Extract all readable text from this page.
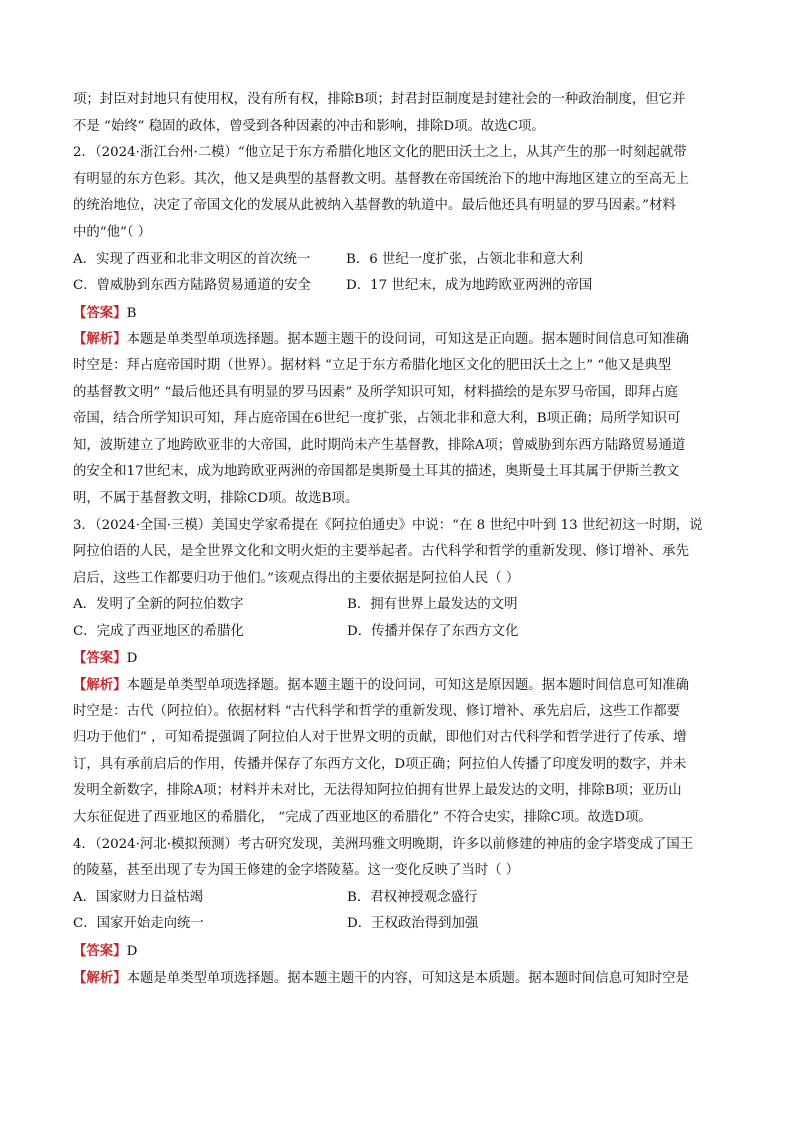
项；封臣对封地只有使用权，没有所有权，排除B项；封君封臣制度是封建社会的一种政治制度，但它并
不是 “始终” 稳固的政体，曾受到各种因素的冲击和影响，排除D项。故选C项。
2．（2024·浙江台州·二模）“他立足于东方希腊化地区文化的肥田沃土之上，从其产生的那一时刻起就带
有明显的东方色彩。其次，他又是典型的基督教文明。基督教在帝国统治下的地中海地区建立的至高无上
的统治地位，决定了帝国文化的发展从此被纳入基督教的轨道中。最后他还具有明显的罗马因素。”材料
中的“他”（ ）
A．实现了西亚和北非文明区的首次统一	B．6 世纪一度扩张，占领北非和意大利
C．曾威胁到东西方陆路贸易通道的安全	D．17 世纪末，成为地跨欧亚两洲的帝国
【答案】B
【解析】本题是单类型单项选择题。据本题主题干的设问词，可知这是正向题。据本题时间信息可知准确
时空是：拜占庭帝国时期（世界）。据材料 “立足于东方希腊化地区文化的肥田沃土之上” “他又是典型
的基督教文明” “最后他还具有明显的罗马因素” 及所学知识可知，材料描绘的是东罗马帝国，即拜占庭
帝国，结合所学知识可知，拜占庭帝国在6世纪一度扩张，占领北非和意大利，B项正确；局所学知识可
知，波斯建立了地跨欧亚非的大帝国，此时期尚未产生基督教，排除A项；曾威胁到东西方陆路贸易通道
的安全和17世纪末，成为地跨欧亚两洲的帝国都是奥斯曼土耳其的描述，奥斯曼土耳其属于伊斯兰教文
明，不属于基督教文明，排除CD项。故选B项。
3．（2024·全国·三模）美国史学家希提在《阿拉伯通史》中说：“在 8 世纪中叶到 13 世纪初这一时期，说
阿拉伯语的人民，是全世界文化和文明火炬的主要举起者。古代科学和哲学的重新发现、修订增补、承先
启后，这些工作都要归功于他们。”该观点得出的主要依据是阿拉伯人民（ ）
A．发明了全新的阿拉伯数字	B．拥有世界上最发达的文明
C．完成了西亚地区的希腊化	D．传播并保存了东西方文化
【答案】D
【解析】本题是单类型单项选择题。据本题主题干的设问词，可知这是原因题。据本题时间信息可知准确
时空是：古代（阿拉伯）。依据材料 “古代科学和哲学的重新发现、修订增补、承先启后，这些工作都要
归功于他们” ，可知希提强调了阿拉伯人对于世界文明的贡献，即他们对古代科学和哲学进行了传承、增
订，具有承前启后的作用，传播并保存了东西方文化，D项正确；阿拉伯人传播了印度发明的数字，并未
发明全新数字，排除A项；材料并未对比，无法得知阿拉伯拥有世界上最发达的文明，排除B项；亚历山
大东征促进了西亚地区的希腊化， “完成了西亚地区的希腊化” 不符合史实，排除C项。故选D项。
4．（2024·河北·模拟预测）考古研究发现，美洲玛雅文明晚期，许多以前修建的神庙的金字塔变成了国王
的陵墓，甚至出现了专为国王修建的金字塔陵墓。这一变化反映了当时（ ）
A．国家财力日益枯竭	B．君权神授观念盛行
C．国家开始走向统一	D．王权政治得到加强
【答案】D
【解析】本题是单类型单项选择题。据本题主题干的内容，可知这是本质题。据本题时间信息可知时空是
